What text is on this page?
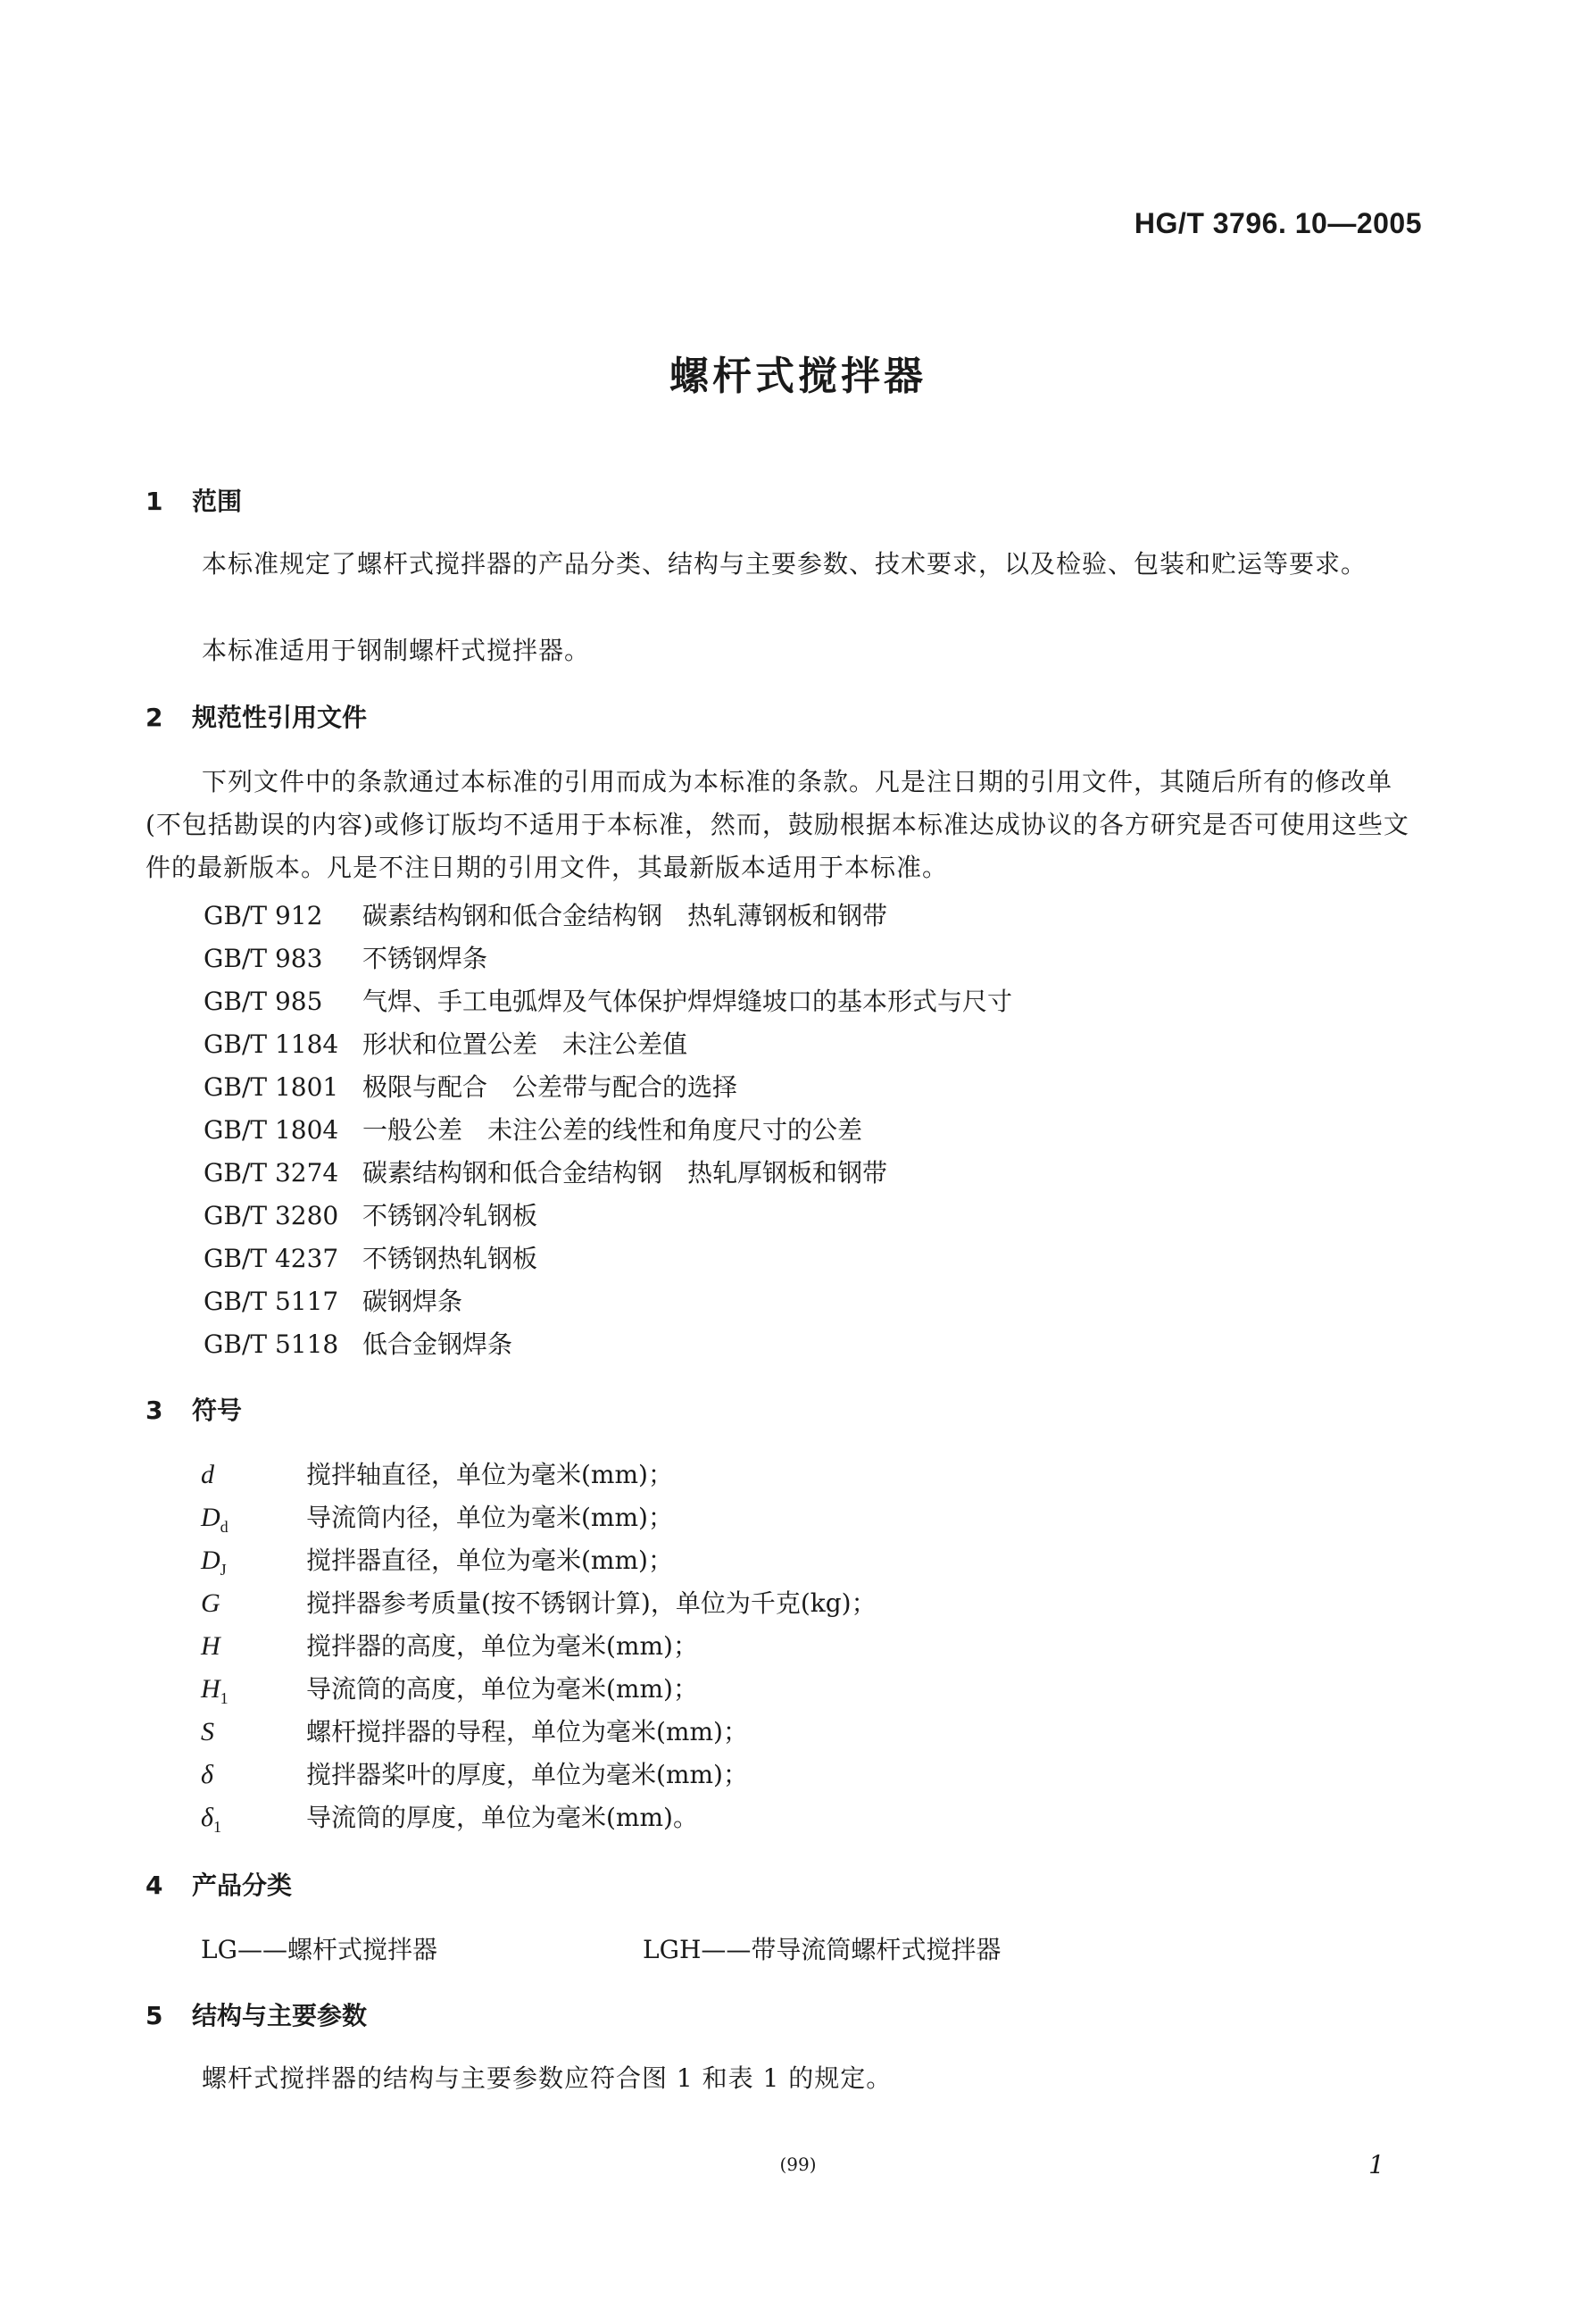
HG/T 3796. 10—2005
螺杆式搅拌器
1 范围
本标准规定了螺杆式搅拌器的产品分类、结构与主要参数、技术要求，以及检验、包装和贮运等要求。
本标准适用于钢制螺杆式搅拌器。
2 规范性引用文件
下列文件中的条款通过本标准的引用而成为本标准的条款。凡是注日期的引用文件，其随后所有的修改单(不包括勘误的内容)或修订版均不适用于本标准，然而，鼓励根据本标准达成协议的各方研究是否可使用这些文件的最新版本。凡是不注日期的引用文件，其最新版本适用于本标准。
GB/T 912 碳素结构钢和低合金结构钢　热轧薄钢板和钢带
GB/T 983 不锈钢焊条
GB/T 985 气焊、手工电弧焊及气体保护焊焊缝坡口的基本形式与尺寸
GB/T 1184 形状和位置公差　未注公差值
GB/T 1801 极限与配合　公差带与配合的选择
GB/T 1804 一般公差　未注公差的线性和角度尺寸的公差
GB/T 3274 碳素结构钢和低合金结构钢　热轧厚钢板和钢带
GB/T 3280 不锈钢冷轧钢板
GB/T 4237 不锈钢热轧钢板
GB/T 5117 碳钢焊条
GB/T 5118 低合金钢焊条
3 符号
d	搅拌轴直径，单位为毫米(mm)；
$D_d$	导流筒内径，单位为毫米(mm)；
$D_J$	搅拌器直径，单位为毫米(mm)；
G	搅拌器参考质量(按不锈钢计算)，单位为千克(kg)；
H	搅拌器的高度，单位为毫米(mm)；
$H_1$	导流筒的高度，单位为毫米(mm)；
S	螺杆搅拌器的导程，单位为毫米(mm)；
δ	搅拌器桨叶的厚度，单位为毫米(mm)；
$\delta_1$	导流筒的厚度，单位为毫米(mm)。
4 产品分类
LG——螺杆式搅拌器	LGH——带导流筒螺杆式搅拌器
5 结构与主要参数
螺杆式搅拌器的结构与主要参数应符合图 1 和表 1 的规定。
(99)	1
